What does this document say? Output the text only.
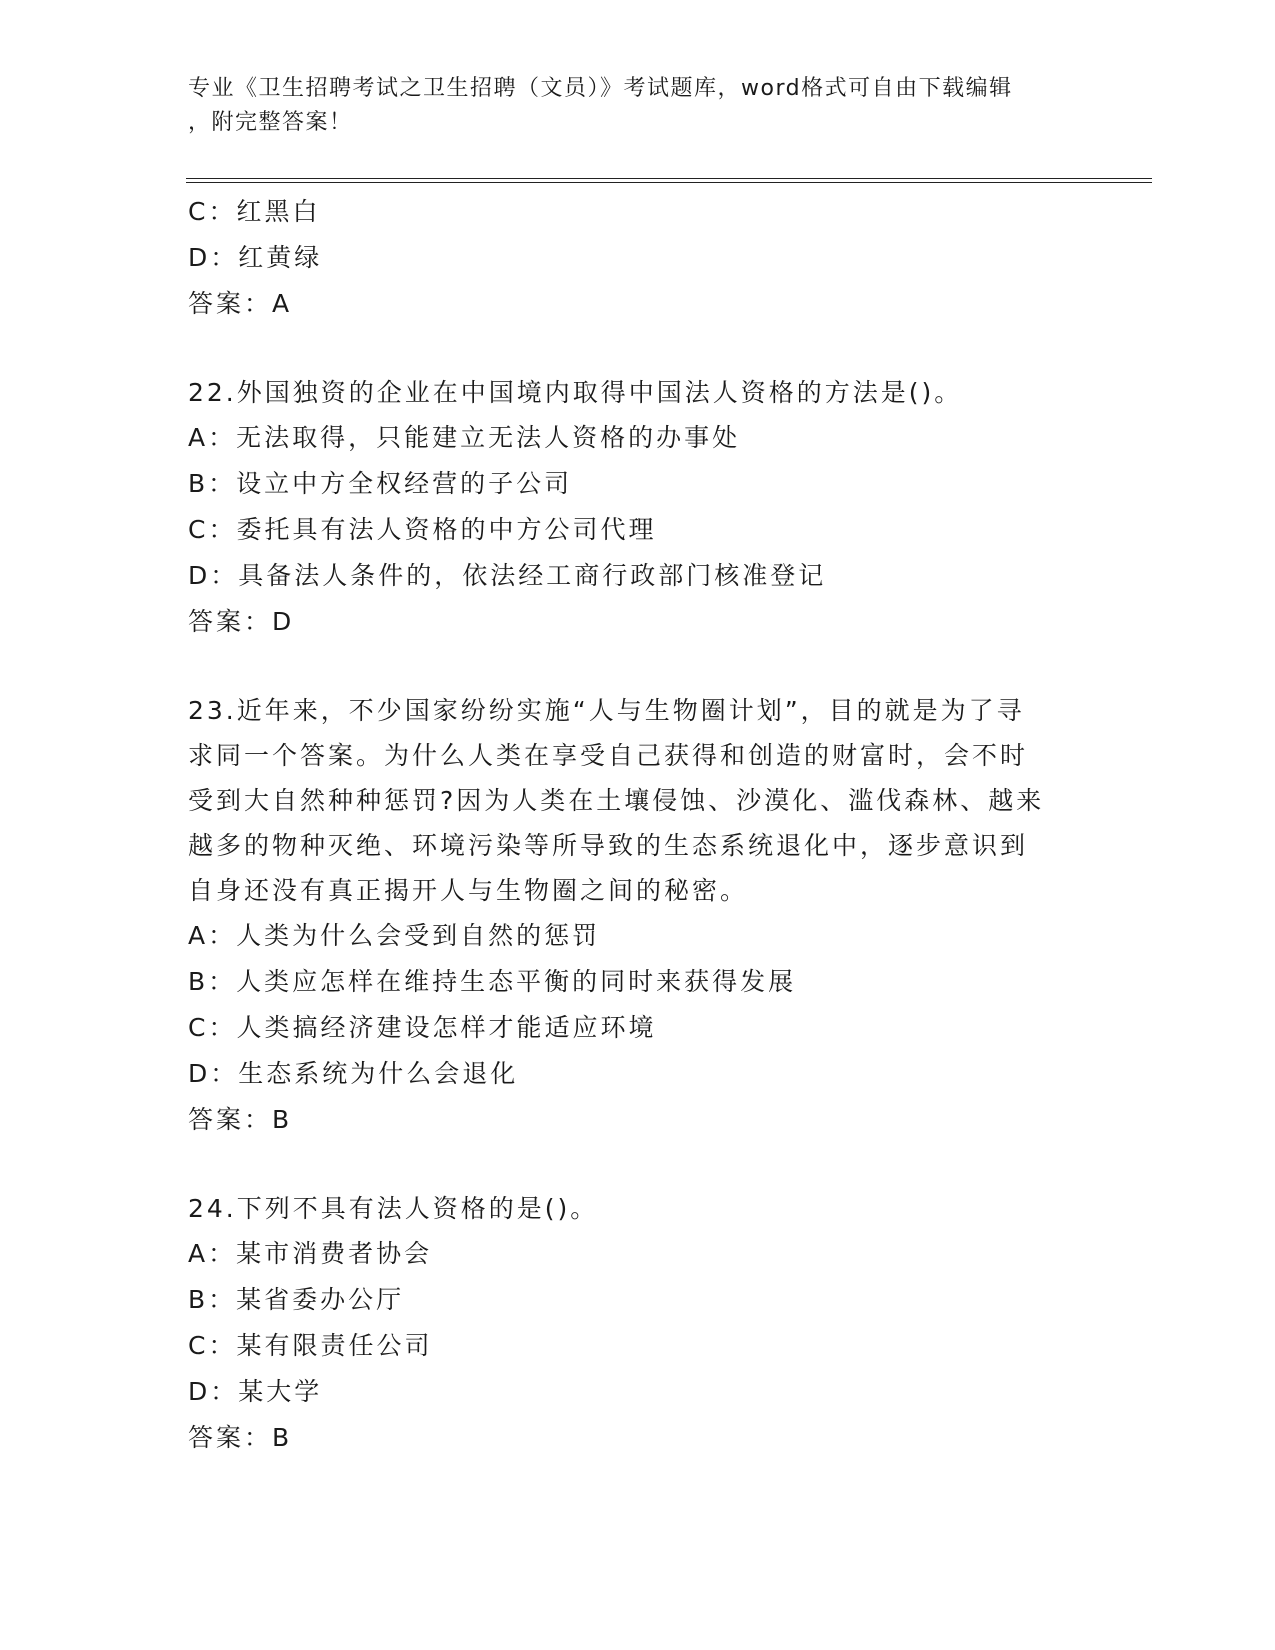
专业《卫生招聘考试之卫生招聘（文员）》考试题库，word格式可自由下载编辑
，附完整答案！
C：红黑白
D：红黄绿
答案：A
22.外国独资的企业在中国境内取得中国法人资格的方法是()。
A：无法取得，只能建立无法人资格的办事处
B：设立中方全权经营的子公司
C：委托具有法人资格的中方公司代理
D：具备法人条件的，依法经工商行政部门核准登记
答案：D
23.近年来，不少国家纷纷实施“人与生物圈计划”，目的就是为了寻
求同一个答案。为什么人类在享受自己获得和创造的财富时，会不时
受到大自然种种惩罚?因为人类在土壤侵蚀、沙漠化、滥伐森林、越来
越多的物种灭绝、环境污染等所导致的生态系统退化中，逐步意识到
自身还没有真正揭开人与生物圈之间的秘密。
A：人类为什么会受到自然的惩罚
B：人类应怎样在维持生态平衡的同时来获得发展
C：人类搞经济建设怎样才能适应环境
D：生态系统为什么会退化
答案：B
24.下列不具有法人资格的是()。
A：某市消费者协会
B：某省委办公厅
C：某有限责任公司
D：某大学
答案：B
